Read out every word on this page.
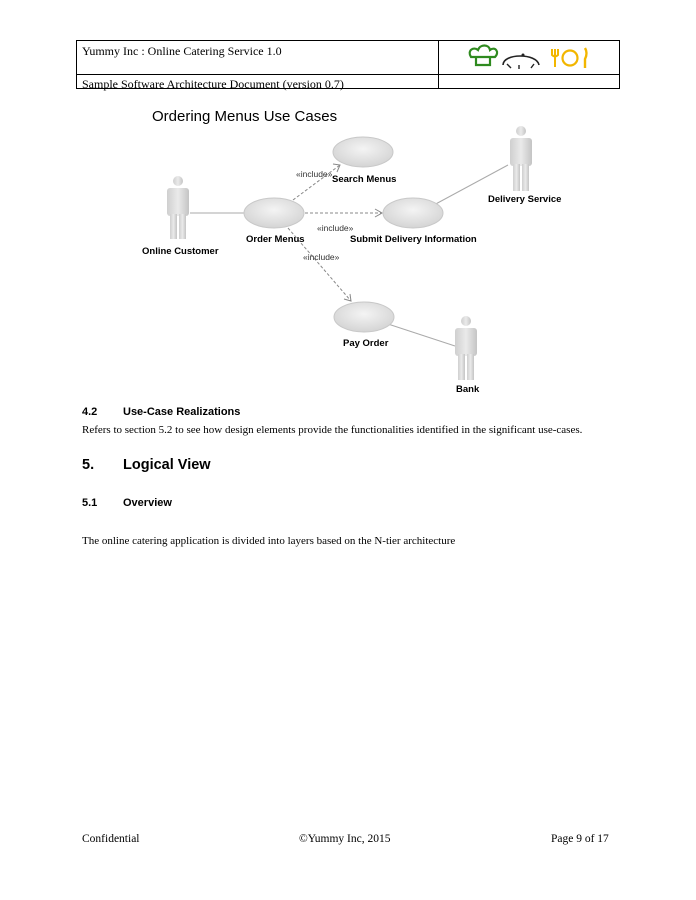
Yummy Inc : Online Catering Service 1.0
Sample Software Architecture Document (version 0.7)
Ordering Menus Use Cases
Search Menus
Order Menus	Submit Delivery Information
Pay Order
Online Customer
Delivery Service
Bank
«include»
«include»
«include»
4.2 Use-Case Realizations
Refers to section 5.2 to see how design elements provide the functionalities identified in the significant use-cases.
5. Logical View
5.1 Overview
The online catering application is divided into layers based on the N-tier architecture
Confidential	©Yummy Inc, 2015	Page 9 of 17
